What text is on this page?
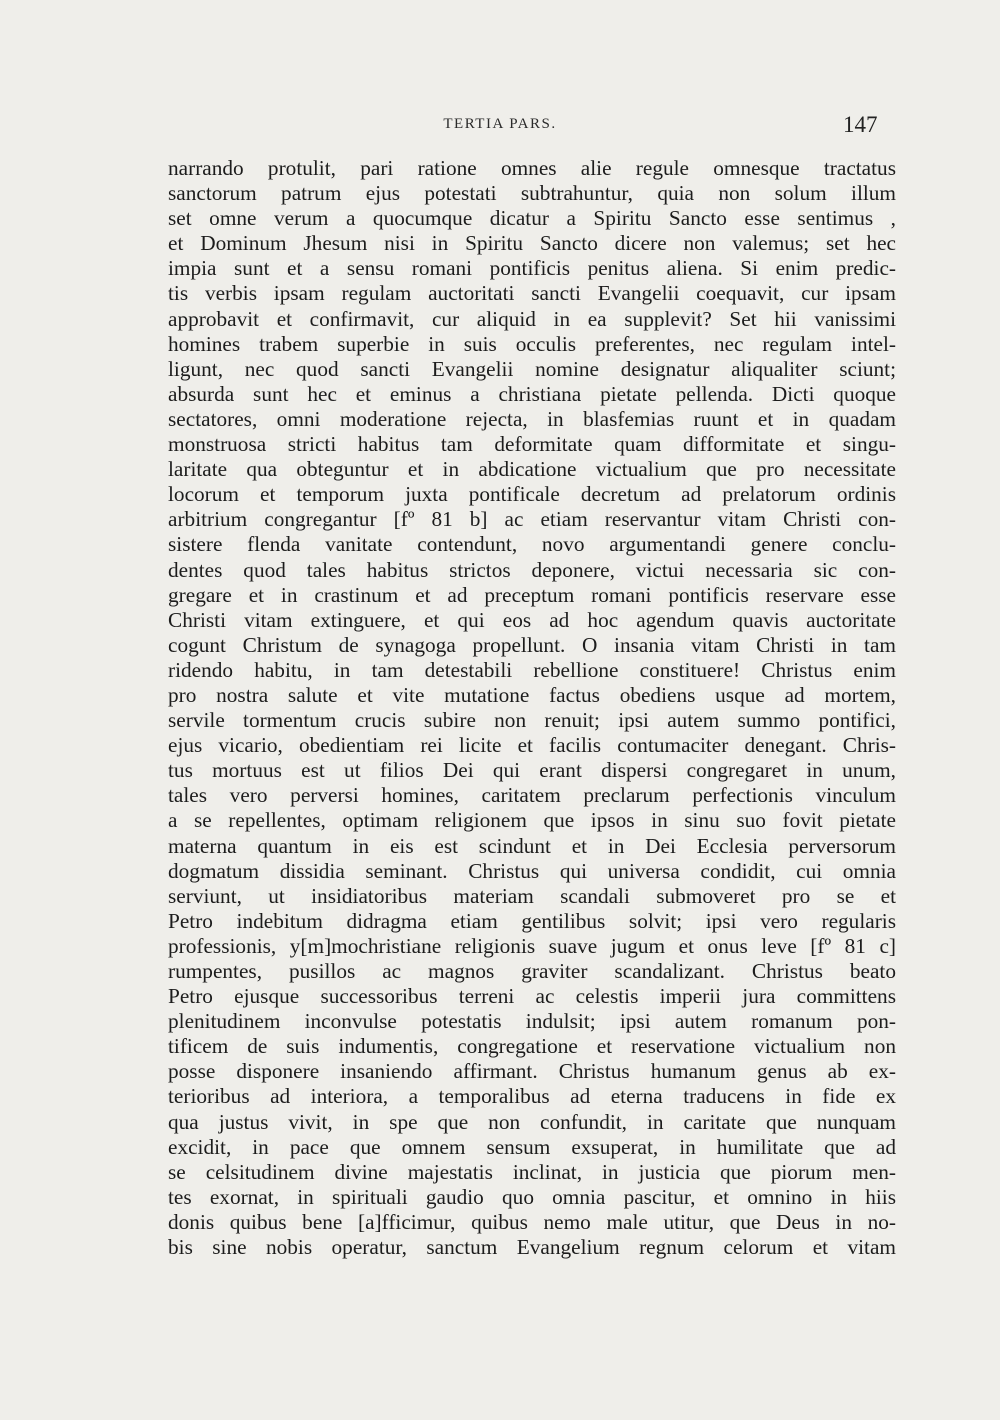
TERTIA PARS.	147
narrando protulit, pari ratione omnes alie regule omnesque tractatus
sanctorum patrum ejus potestati subtrahuntur, quia non solum illum
set omne verum a quocumque dicatur a Spiritu Sancto esse sentimus ,
et Dominum Jhesum nisi in Spiritu Sancto dicere non valemus; set hec
impia sunt et a sensu romani pontificis penitus aliena. Si enim predic-
tis verbis ipsam regulam auctoritati sancti Evangelii coequavit, cur ipsam
approbavit et confirmavit, cur aliquid in ea supplevit? Set hii vanissimi
homines trabem superbie in suis occulis preferentes, nec regulam intel-
ligunt, nec quod sancti Evangelii nomine designatur aliqualiter sciunt;
absurda sunt hec et eminus a christiana pietate pellenda. Dicti quoque
sectatores, omni moderatione rejecta, in blasfemias ruunt et in quadam
monstruosa stricti habitus tam deformitate quam difformitate et singu-
laritate qua obteguntur et in abdicatione victualium que pro necessitate
locorum et temporum juxta pontificale decretum ad prelatorum ordinis
arbitrium congregantur [fº 81 b] ac etiam reservantur vitam Christi con-
sistere flenda vanitate contendunt, novo argumentandi genere conclu-
dentes quod tales habitus strictos deponere, victui necessaria sic con-
gregare et in crastinum et ad preceptum romani pontificis reservare esse
Christi vitam extinguere, et qui eos ad hoc agendum quavis auctoritate
cogunt Christum de synagoga propellunt. O insania vitam Christi in tam
ridendo habitu, in tam detestabili rebellione constituere! Christus enim
pro nostra salute et vite mutatione factus obediens usque ad mortem,
servile tormentum crucis subire non renuit; ipsi autem summo pontifici,
ejus vicario, obedientiam rei licite et facilis contumaciter denegant. Chris-
tus mortuus est ut filios Dei qui erant dispersi congregaret in unum,
tales vero perversi homines, caritatem preclarum perfectionis vinculum
a se repellentes, optimam religionem que ipsos in sinu suo fovit pietate
materna quantum in eis est scindunt et in Dei Ecclesia perversorum
dogmatum dissidia seminant. Christus qui universa condidit, cui omnia
serviunt, ut insidiatoribus materiam scandali submoveret pro se et
Petro indebitum didragma etiam gentilibus solvit; ipsi vero regularis
professionis, y[m]mochristiane religionis suave jugum et onus leve [fº 81 c]
rumpentes, pusillos ac magnos graviter scandalizant. Christus beato
Petro ejusque successoribus terreni ac celestis imperii jura committens
plenitudinem inconvulse potestatis indulsit; ipsi autem romanum pon-
tificem de suis indumentis, congregatione et reservatione victualium non
posse disponere insaniendo affirmant. Christus humanum genus ab ex-
terioribus ad interiora, a temporalibus ad eterna traducens in fide ex
qua justus vivit, in spe que non confundit, in caritate que nunquam
excidit, in pace que omnem sensum exsuperat, in humilitate que ad
se celsitudinem divine majestatis inclinat, in justicia que piorum men-
tes exornat, in spirituali gaudio quo omnia pascitur, et omnino in hiis
donis quibus bene [a]fficimur, quibus nemo male utitur, que Deus in no-
bis sine nobis operatur, sanctum Evangelium regnum celorum et vitam
